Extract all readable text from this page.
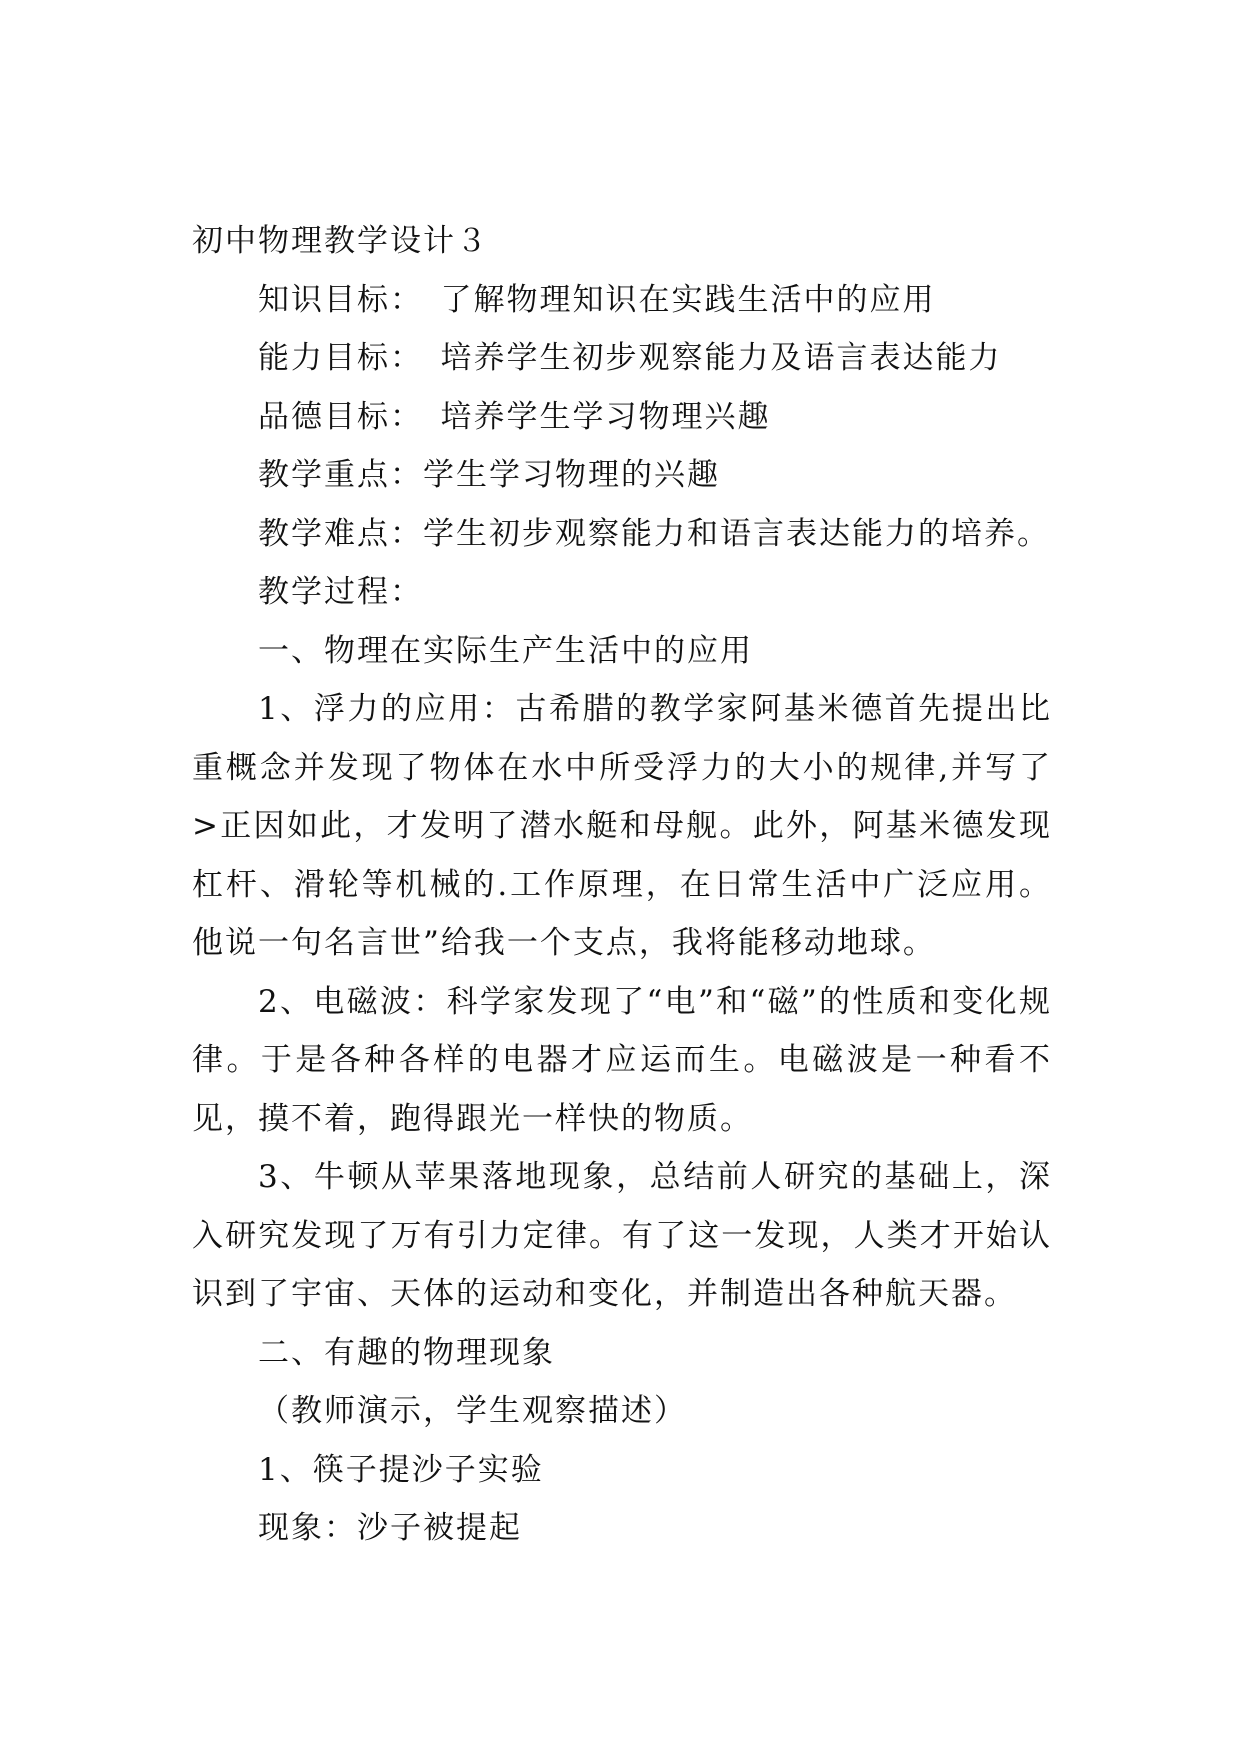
初中物理教学设计３
知识目标：　了解物理知识在实践生活中的应用
能力目标：　培养学生初步观察能力及语言表达能力
品德目标：　培养学生学习物理兴趣
教学重点：学生学习物理的兴趣
教学难点：学生初步观察能力和语言表达能力的培养。
教学过程：
一、物理在实际生产生活中的应用

1、浮力的应用：古希腊的教学家阿基米德首先提出比重概念并发现了物体在水中所受浮力的大小的规律,并写了>正因如此，才发明了潜水艇和母舰。此外，阿基米德发现杠杆、滑轮等机械的.工作原理，在日常生活中广泛应用。他说一句名言世”给我一个支点，我将能移动地球。

2、电磁波：科学家发现了“电”和“磁”的性质和变化规律。于是各种各样的电器才应运而生。电磁波是一种看不见，摸不着，跑得跟光一样快的物质。

3、牛顿从苹果落地现象，总结前人研究的基础上，深入研究发现了万有引力定律。有了这一发现，人类才开始认识到了宇宙、天体的运动和变化，并制造出各种航天器。

二、有趣的物理现象
（教师演示，学生观察描述）
1、筷子提沙子实验
现象：沙子被提起
